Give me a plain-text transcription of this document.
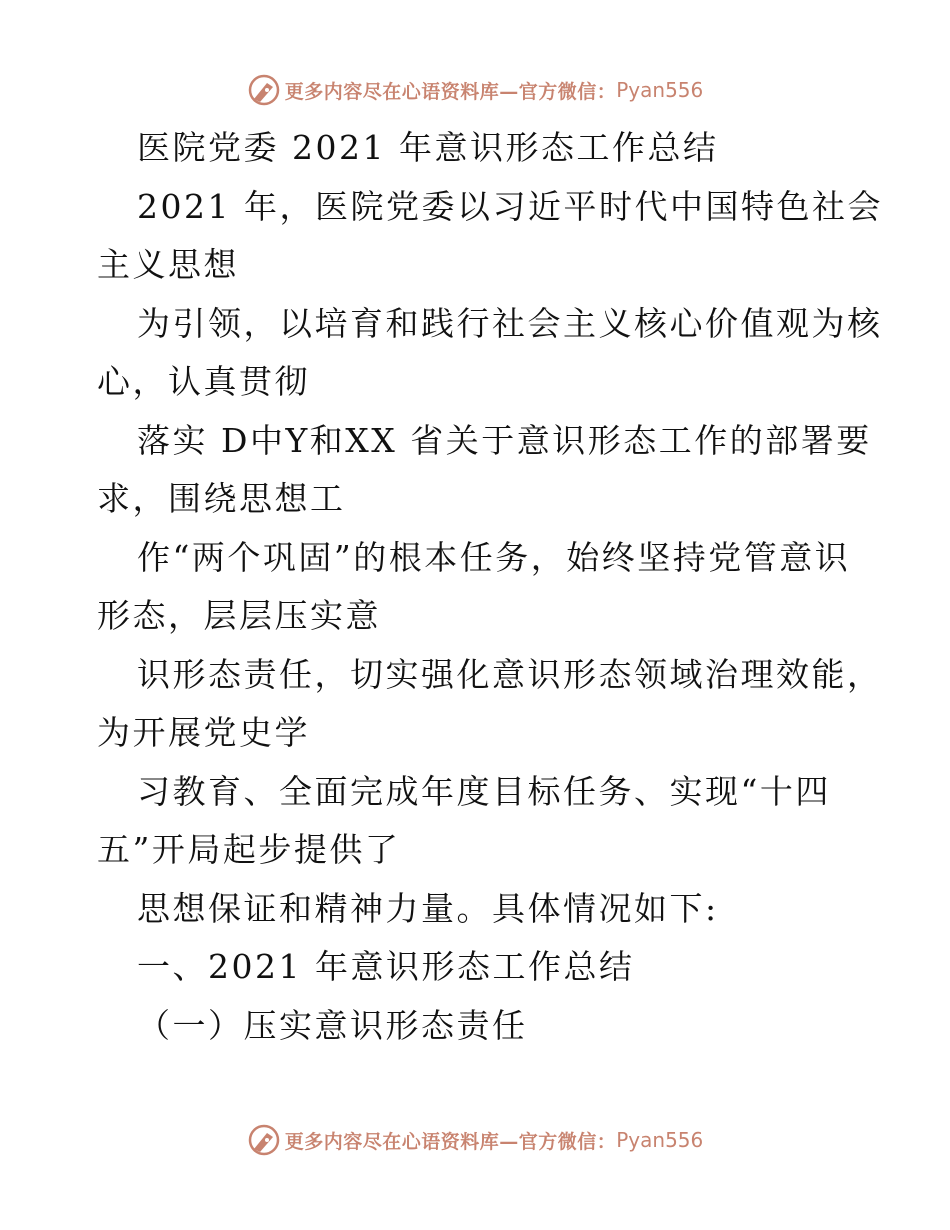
更多内容尽在心语资料库—官方微信： Pyan556
医院党委 2021 年意识形态工作总结
2021 年，医院党委以习近平时代中国特色社会
主义思想
为引领，以培育和践行社会主义核心价值观为核
心，认真贯彻
落实 D中Y和XX 省关于意识形态工作的部署要
求，围绕思想工
作“两个巩固”的根本任务，始终坚持党管意识
形态，层层压实意
识形态责任，切实强化意识形态领域治理效能，
为开展党史学
习教育、全面完成年度目标任务、实现“十四
五”开局起步提供了
思想保证和精神力量。具体情况如下:
一、2021 年意识形态工作总结
（一）压实意识形态责任
更多内容尽在心语资料库—官方微信： Pyan556
